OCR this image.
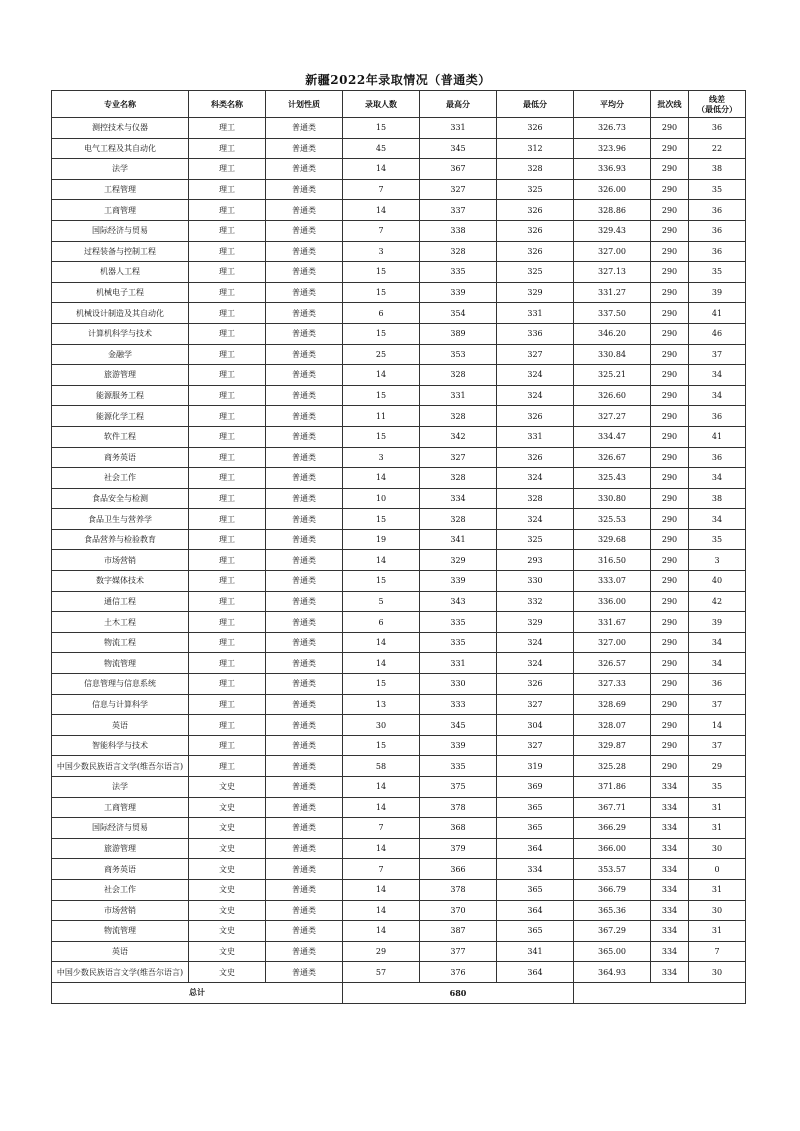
新疆2022年录取情况（普通类）
专业名称	科类名称	计划性质	录取人数	最高分	最低分	平均分	批次线	线差
（最低分）

测控技术与仪器	理工	普通类	15	331	326	326.73	290	36
电气工程及其自动化	理工	普通类	45	345	312	323.96	290	22
法学	理工	普通类	14	367	328	336.93	290	38
工程管理	理工	普通类	7	327	325	326.00	290	35
工商管理	理工	普通类	14	337	326	328.86	290	36
国际经济与贸易	理工	普通类	7	338	326	329.43	290	36
过程装备与控制工程	理工	普通类	3	328	326	327.00	290	36
机器人工程	理工	普通类	15	335	325	327.13	290	35
机械电子工程	理工	普通类	15	339	329	331.27	290	39
机械设计制造及其自动化	理工	普通类	6	354	331	337.50	290	41
计算机科学与技术	理工	普通类	15	389	336	346.20	290	46
金融学	理工	普通类	25	353	327	330.84	290	37
旅游管理	理工	普通类	14	328	324	325.21	290	34
能源服务工程	理工	普通类	15	331	324	326.60	290	34
能源化学工程	理工	普通类	11	328	326	327.27	290	36
软件工程	理工	普通类	15	342	331	334.47	290	41
商务英语	理工	普通类	3	327	326	326.67	290	36
社会工作	理工	普通类	14	328	324	325.43	290	34
食品安全与检测	理工	普通类	10	334	328	330.80	290	38
食品卫生与营养学	理工	普通类	15	328	324	325.53	290	34
食品营养与检验教育	理工	普通类	19	341	325	329.68	290	35
市场营销	理工	普通类	14	329	293	316.50	290	3
数字媒体技术	理工	普通类	15	339	330	333.07	290	40
通信工程	理工	普通类	5	343	332	336.00	290	42
土木工程	理工	普通类	6	335	329	331.67	290	39
物流工程	理工	普通类	14	335	324	327.00	290	34
物流管理	理工	普通类	14	331	324	326.57	290	34
信息管理与信息系统	理工	普通类	15	330	326	327.33	290	36
信息与计算科学	理工	普通类	13	333	327	328.69	290	37
英语	理工	普通类	30	345	304	328.07	290	14
智能科学与技术	理工	普通类	15	339	327	329.87	290	37
中国少数民族语言文学(维吾尔语言)	理工	普通类	58	335	319	325.28	290	29
法学	文史	普通类	14	375	369	371.86	334	35
工商管理	文史	普通类	14	378	365	367.71	334	31
国际经济与贸易	文史	普通类	7	368	365	366.29	334	31
旅游管理	文史	普通类	14	379	364	366.00	334	30
商务英语	文史	普通类	7	366	334	353.57	334	0
社会工作	文史	普通类	14	378	365	366.79	334	31
市场营销	文史	普通类	14	370	364	365.36	334	30
物流管理	文史	普通类	14	387	365	367.29	334	31
英语	文史	普通类	29	377	341	365.00	334	7
中国少数民族语言文学(维吾尔语言)	文史	普通类	57	376	364	364.93	334	30
总计			680					
